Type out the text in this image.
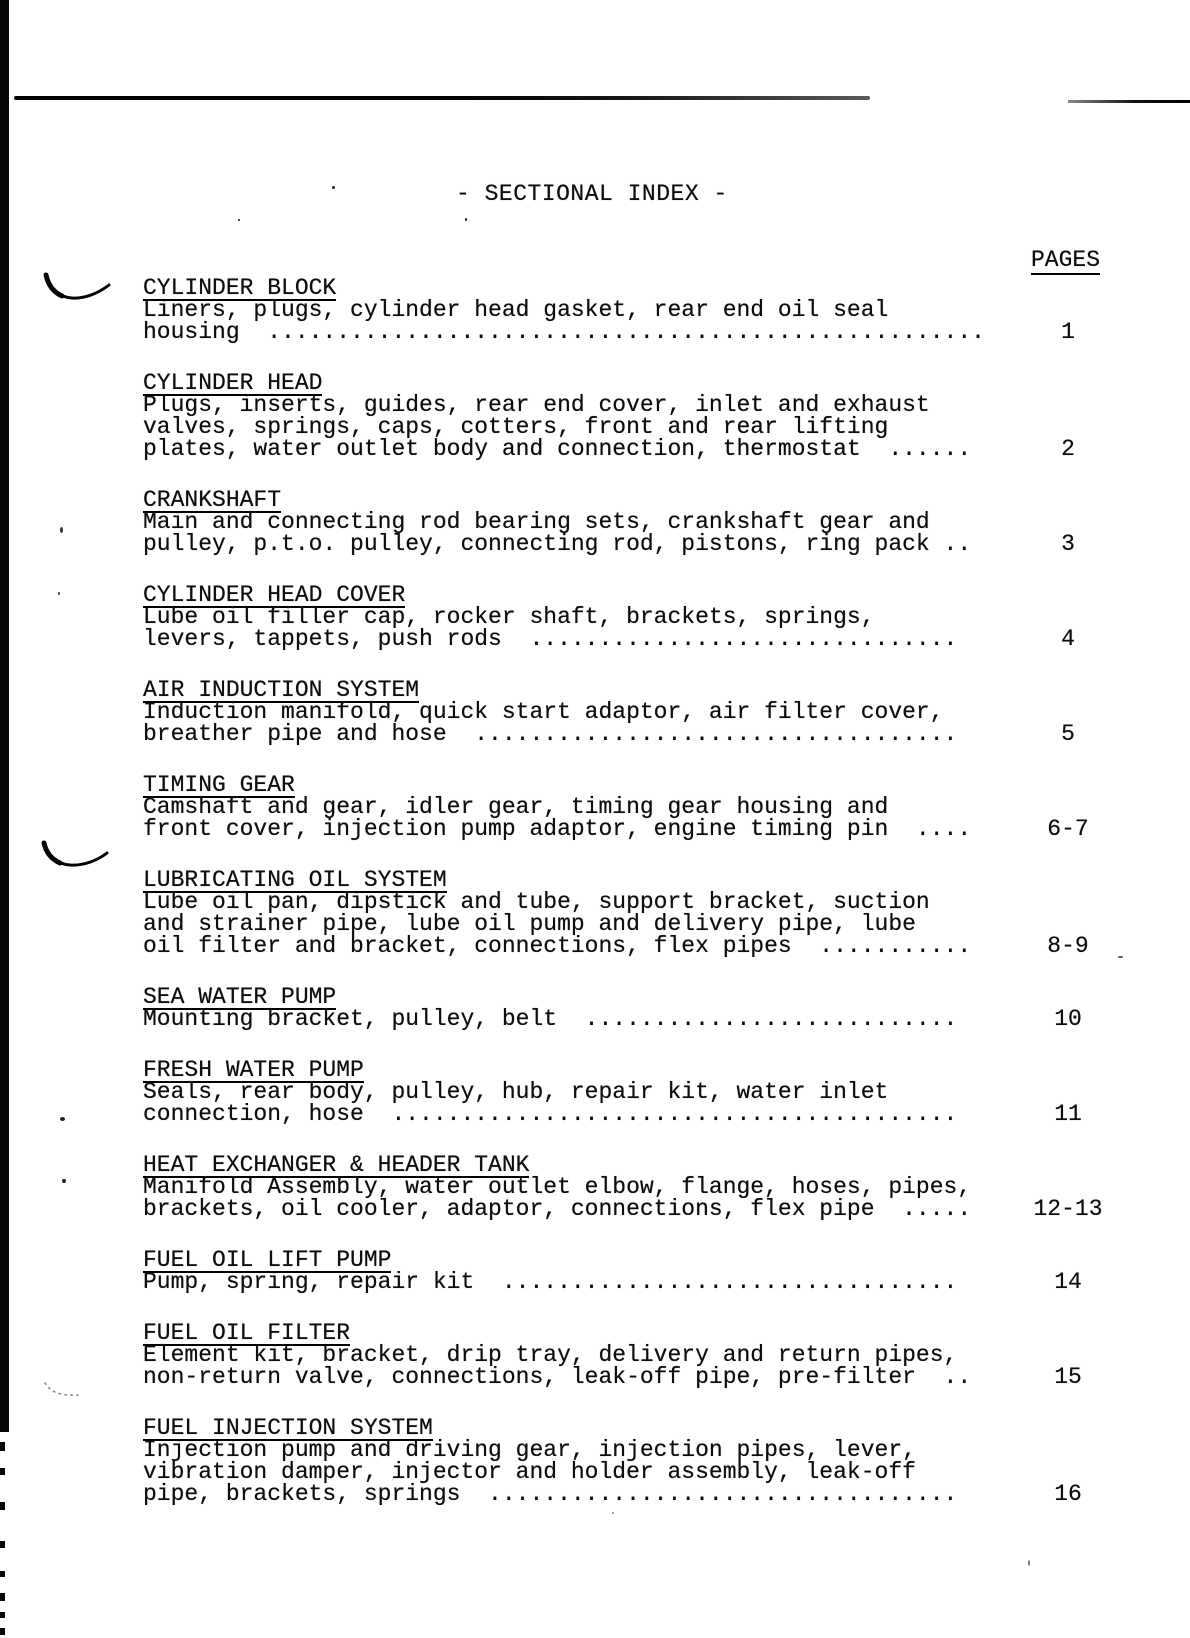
- SECTIONAL INDEX -
PAGES
CYLINDER BLOCK
Liners, plugs, cylinder head gasket, rear end oil seal
housing  ....................................................	1
CYLINDER HEAD
Plugs, inserts, guides, rear end cover, inlet and exhaust
valves, springs, caps, cotters, front and rear lifting
plates, water outlet body and connection, thermostat  ......	2
CRANKSHAFT
Main and connecting rod bearing sets, crankshaft gear and
pulley, p.t.o. pulley, connecting rod, pistons, ring pack ..	3
CYLINDER HEAD COVER
Lube oil filler cap, rocker shaft, brackets, springs,
levers, tappets, push rods  ...............................	4
AIR INDUCTION SYSTEM
Induction manifold, quick start adaptor, air filter cover,
breather pipe and hose  ...................................	5
TIMING GEAR
Camshaft and gear, idler gear, timing gear housing and
front cover, injection pump adaptor, engine timing pin  ....	6-7
LUBRICATING OIL SYSTEM
Lube oil pan, dipstick and tube, support bracket, suction
and strainer pipe, lube oil pump and delivery pipe, lube
oil filter and bracket, connections, flex pipes  ...........	8-9
SEA WATER PUMP
Mounting bracket, pulley, belt  ...........................	10
FRESH WATER PUMP
Seals, rear body, pulley, hub, repair kit, water inlet
connection, hose  .........................................	11
HEAT EXCHANGER & HEADER TANK
Manifold Assembly, water outlet elbow, flange, hoses, pipes,
brackets, oil cooler, adaptor, connections, flex pipe  .....	12-13
FUEL OIL LIFT PUMP
Pump, spring, repair kit  .................................	14
FUEL OIL FILTER
Element kit, bracket, drip tray, delivery and return pipes,
non-return valve, connections, leak-off pipe, pre-filter  ..	15
FUEL INJECTION SYSTEM
Injection pump and driving gear, injection pipes, lever,
vibration damper, injector and holder assembly, leak-off
pipe, brackets, springs  ..................................	16
